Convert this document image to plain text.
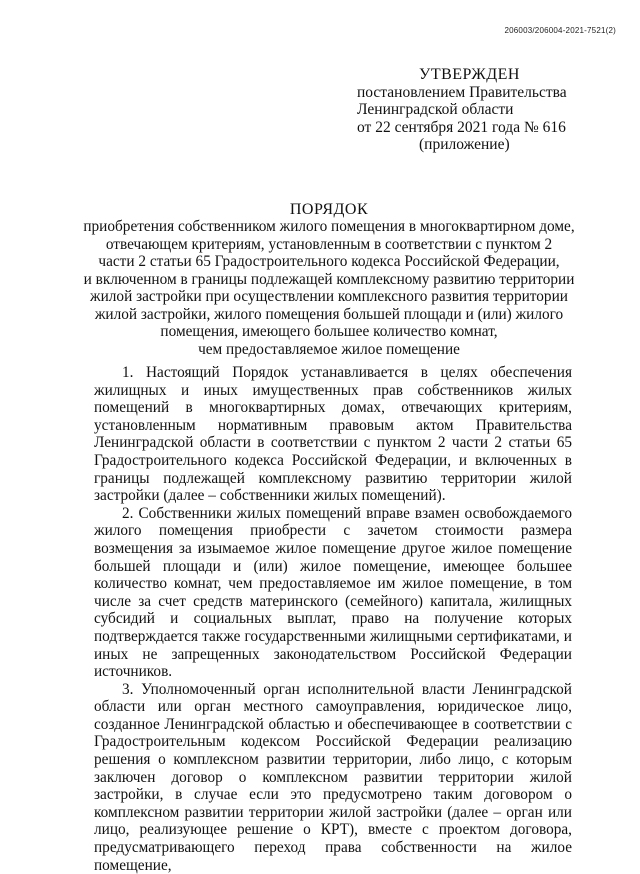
206003/206004-2021-7521(2)
УТВЕРЖДЕН
постановлением Правительства
Ленинградской области
от 22 сентября 2021 года № 616
(приложение)
ПОРЯДОК
приобретения собственником жилого помещения в многоквартирном доме,
отвечающем критериям, установленным в соответствии с пунктом 2
части 2 статьи 65 Градостроительного кодекса Российской Федерации,
и включенном в границы подлежащей комплексному развитию территории
жилой застройки при осуществлении комплексного развития территории
жилой застройки, жилого помещения большей площади и (или) жилого
помещения, имеющего большее количество комнат,
чем предоставляемое жилое помещение

1. Настоящий Порядок устанавливается в целях обеспечения жилищных и иных имущественных прав собственников жилых помещений в многоквартирных домах, отвечающих критериям, установленным нормативным правовым актом Правительства Ленинградской области в соответствии с пунктом 2 части 2 статьи 65 Градостроительного кодекса Российской Федерации, и включенных в границы подлежащей комплексному развитию территории жилой застройки (далее – собственники жилых помещений).

2. Собственники жилых помещений вправе взамен освобождаемого жилого помещения приобрести с зачетом стоимости размера возмещения за изымаемое жилое помещение другое жилое помещение большей площади и (или) жилое помещение, имеющее большее количество комнат, чем предоставляемое им жилое помещение, в том числе за счет средств материнского (семейного) капитала, жилищных субсидий и социальных выплат, право на получение которых подтверждается также государственными жилищными сертификатами, и иных не запрещенных законодательством Российской Федерации источников.

3. Уполномоченный орган исполнительной власти Ленинградской области или орган местного самоуправления, юридическое лицо, созданное Ленинградской областью и обеспечивающее в соответствии с Градостроительным кодексом Российской Федерации реализацию решения о комплексном развитии территории, либо лицо, с которым заключен договор о комплексном развитии территории жилой застройки, в случае если это предусмотрено таким договором о комплексном развитии территории жилой застройки (далее – орган или лицо, реализующее решение о КРТ), вместе с проектом договора, предусматривающего переход права собственности на жилое помещение,
